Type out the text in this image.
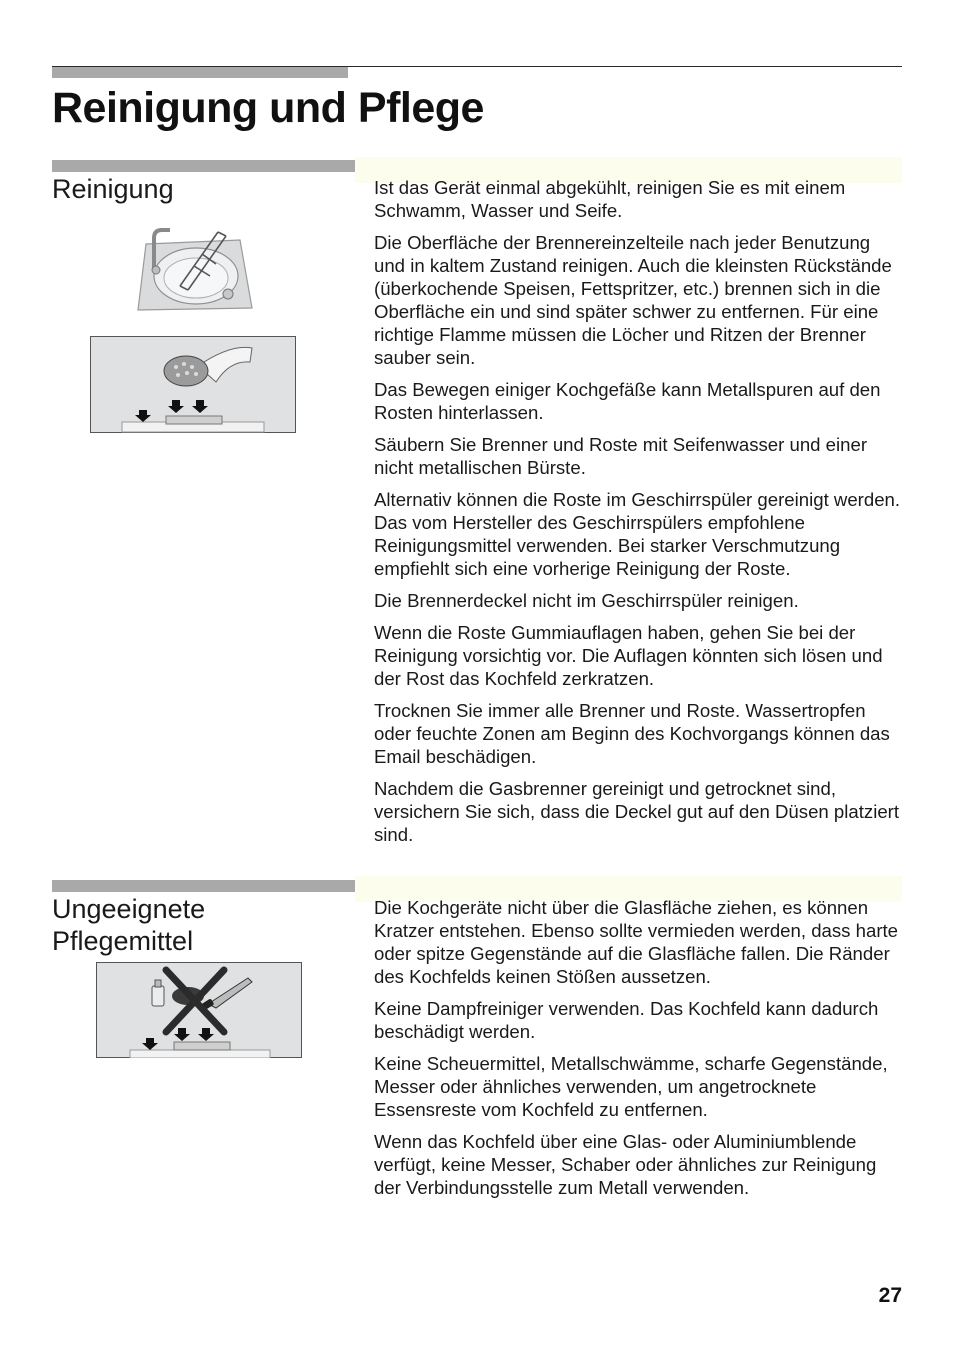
Reinigung und Pflege
Reinigung	Ist das Gerät einmal abgekühlt, reinigen Sie es mit einem Schwamm, Wasser und Seife.

Die Oberfläche der Brennereinzelteile nach jeder Benutzung und in kaltem Zustand reinigen. Auch die kleinsten Rückstände (überkochende Speisen, Fettspritzer, etc.) brennen sich in die Oberfläche ein und sind später schwer zu entfernen. Für eine richtige Flamme müssen die Löcher und Ritzen der Brenner sauber sein.

Das Bewegen einiger Kochgefäße kann Metallspuren auf den Rosten hinterlassen.

Säubern Sie Brenner und Roste mit Seifenwasser und einer nicht metallischen Bürste.

Alternativ können die Roste im Geschirrspüler gereinigt werden. Das vom Hersteller des Geschirrspülers empfohlene Reinigungsmittel verwenden. Bei starker Verschmutzung empfiehlt sich eine vorherige Reinigung der Roste.

Die Brennerdeckel nicht im Geschirrspüler reinigen.

Wenn die Roste Gummiauflagen haben, gehen Sie bei der Reinigung vorsichtig vor. Die Auflagen könnten sich lösen und der Rost das Kochfeld zerkratzen.

Trocknen Sie immer alle Brenner und Roste. Wassertropfen oder feuchte Zonen am Beginn des Kochvorgangs können das Email beschädigen.

Nachdem die Gasbrenner gereinigt und getrocknet sind, versichern Sie sich, dass die Deckel gut auf den Düsen platziert sind.

Ungeeignete
Pflegemittel

Die Kochgeräte nicht über die Glasfläche ziehen, es können Kratzer entstehen. Ebenso sollte vermieden werden, dass harte oder spitze Gegenstände auf die Glasfläche fallen. Die Ränder des Kochfelds keinen Stößen aussetzen.

Keine Dampfreiniger verwenden. Das Kochfeld kann dadurch beschädigt werden.

Keine Scheuermittel, Metallschwämme, scharfe Gegenstände, Messer oder ähnliches verwenden, um angetrocknete Essensreste vom Kochfeld zu entfernen.

Wenn das Kochfeld über eine Glas- oder Aluminiumblende verfügt, keine Messer, Schaber oder ähnliches zur Reinigung der Verbindungsstelle zum Metall verwenden.

27
